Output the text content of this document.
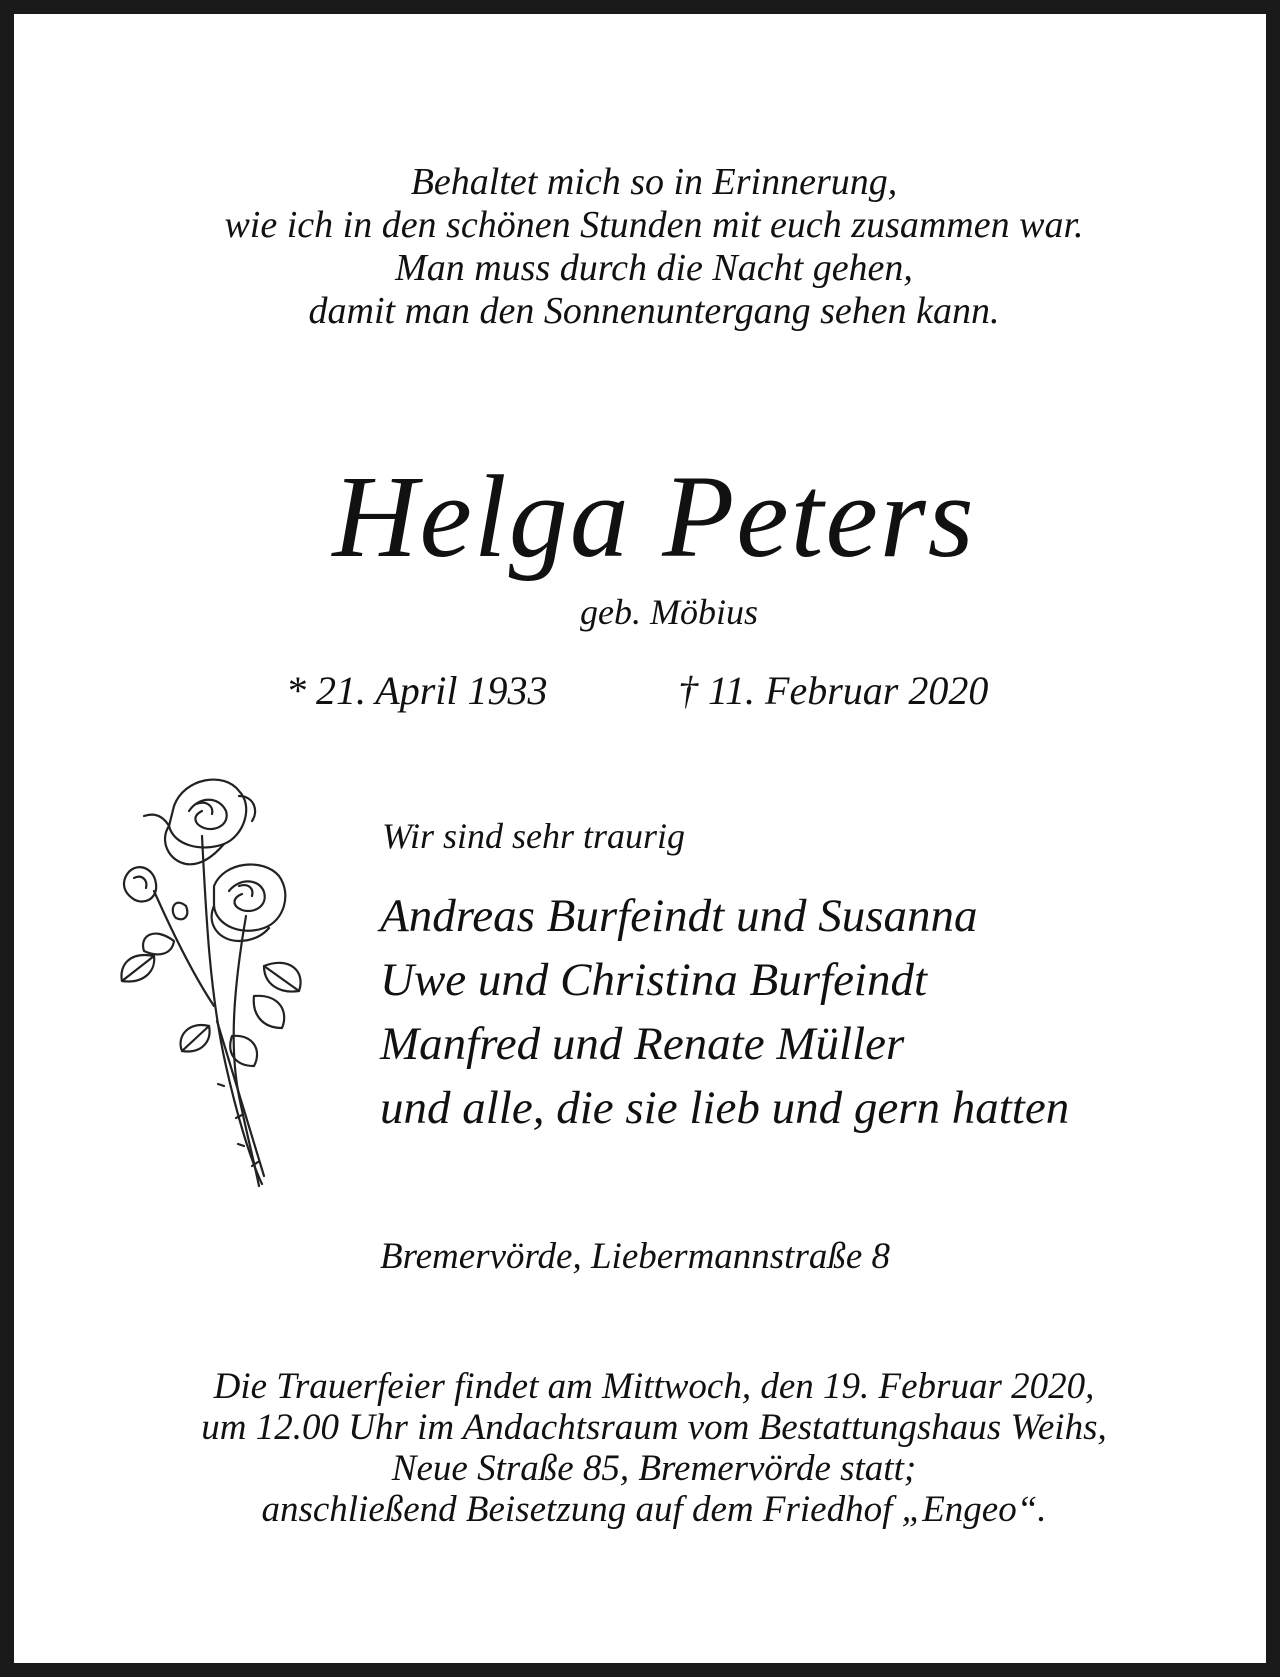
Behaltet mich so in Erinnerung,
wie ich in den schönen Stunden mit euch zusammen war.
Man muss durch die Nacht gehen,
damit man den Sonnenuntergang sehen kann.
Helga Peters
geb. Möbius
* 21. April 1933	† 11. Februar 2020
Wir sind sehr traurig
Andreas Burfeindt und Susanna
Uwe und Christina Burfeindt
Manfred und Renate Müller
und alle, die sie lieb und gern hatten
Bremervörde, Liebermannstraße 8
Die Trauerfeier findet am Mittwoch, den 19. Februar 2020,
um 12.00 Uhr im Andachtsraum vom Bestattungshaus Weihs,
Neue Straße 85, Bremervörde statt;
anschließend Beisetzung auf dem Friedhof „Engeo“.
